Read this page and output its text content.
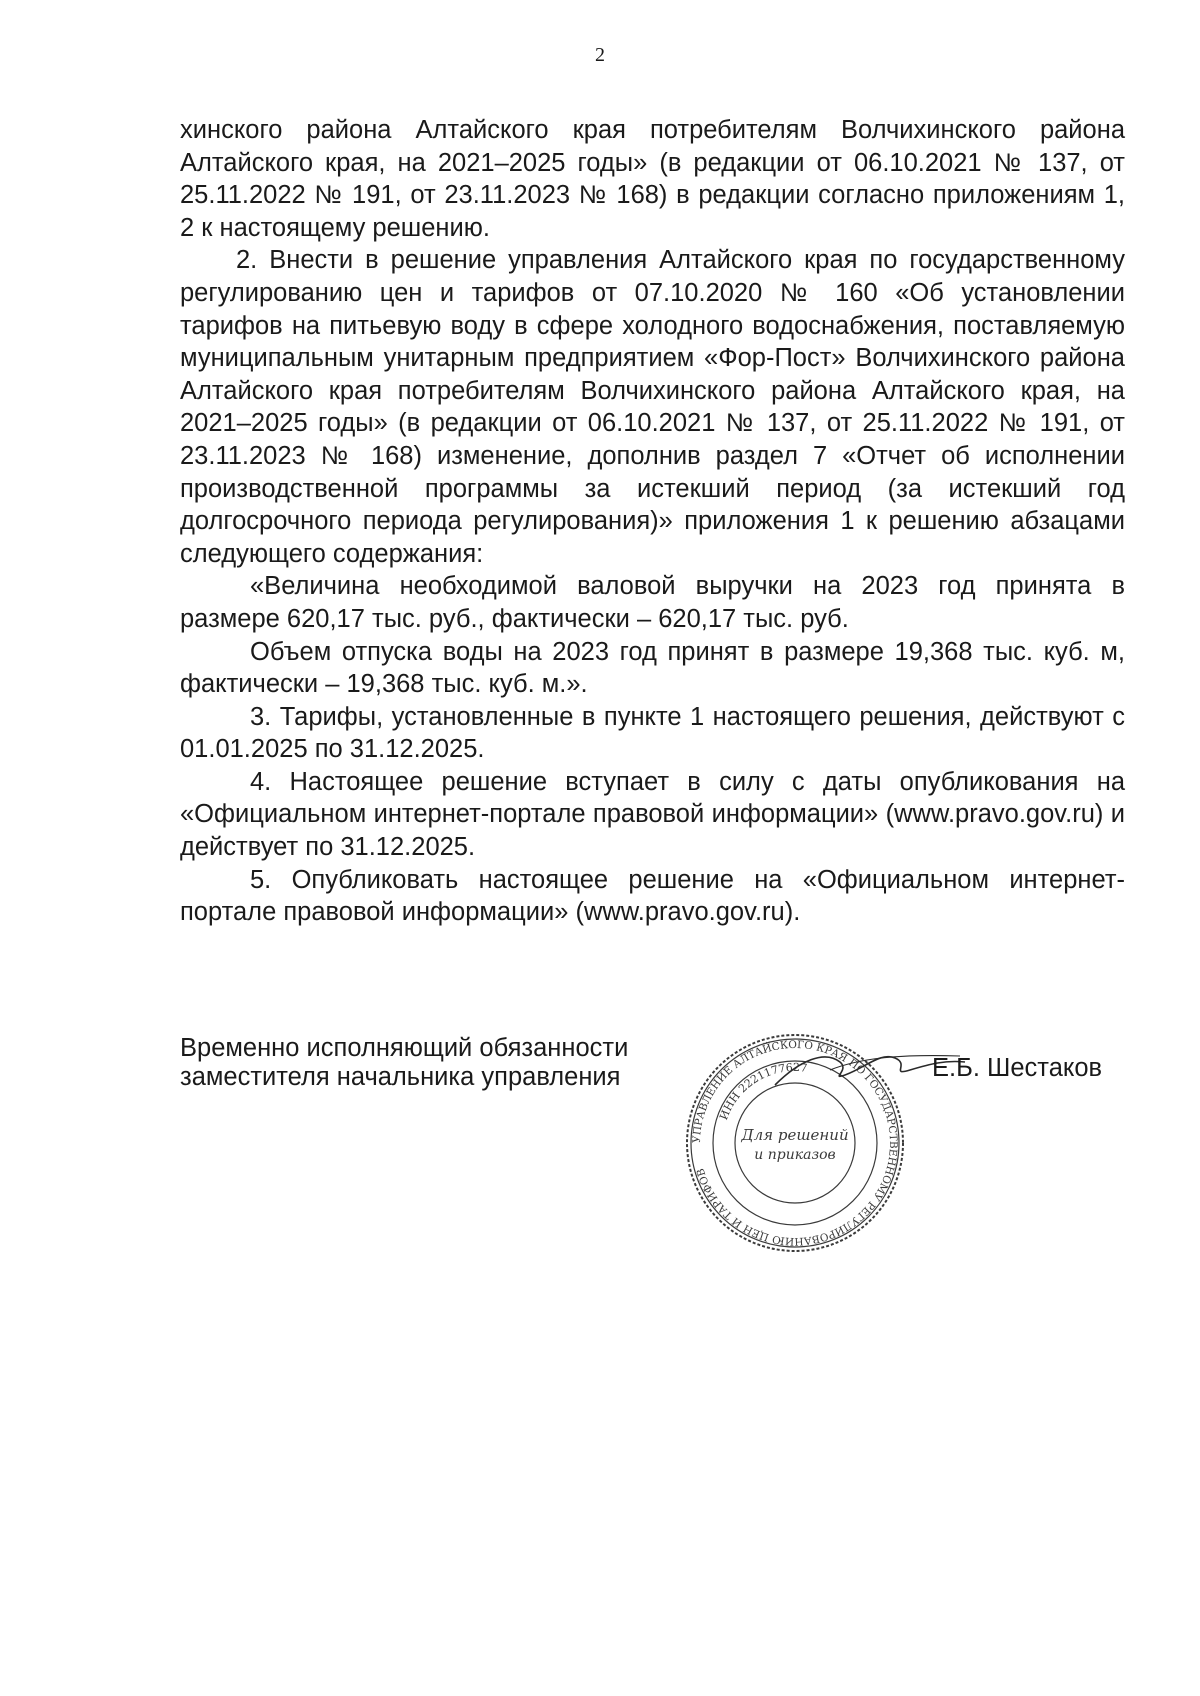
2

хинского района Алтайского края потребителям Волчихинского района Алтайского края, на 2021–2025 годы» (в редакции от 06.10.2021 № 137, от 25.11.2022 № 191, от 23.11.2023 № 168) в редакции согласно приложениям 1, 2 к настоящему решению.

2. Внести в решение управления Алтайского края по государственному регулированию цен и тарифов от 07.10.2020 № 160 «Об установлении тарифов на питьевую воду в сфере холодного водоснабжения, поставляемую муниципальным унитарным предприятием «Фор-Пост» Волчихинского района Алтайского края потребителям Волчихинского района Алтайского края, на 2021–2025 годы» (в редакции от 06.10.2021 № 137, от 25.11.2022 № 191, от 23.11.2023 № 168) изменение, дополнив раздел 7 «Отчет об исполнении производственной программы за истекший период (за истекший год долгосрочного периода регулирования)» приложения 1 к решению абзацами следующего содержания:

«Величина необходимой валовой выручки на 2023 год принята в размере 620,17 тыс. руб., фактически – 620,17 тыс. руб.

Объем отпуска воды на 2023 год принят в размере 19,368 тыс. куб. м, фактически – 19,368 тыс. куб. м.».

3. Тарифы, установленные в пункте 1 настоящего решения, действуют с 01.01.2025 по 31.12.2025.

4. Настоящее решение вступает в силу с даты опубликования на «Официальном интернет-портале правовой информации» (www.pravo.gov.ru) и действует по 31.12.2025.

5. Опубликовать настоящее решение на «Официальном интернет-портале правовой информации» (www.pravo.gov.ru).

Временно исполняющий обязанности
заместителя начальника управления
УПРАВЛЕНИЕ АЛТАЙСКОГО КРАЯ ПО ГОСУДАРСТВЕННОМУ РЕГУЛИРОВАНИЮ ЦЕН И ТАРИФОВ
ИНН 2221177627
Для решений
и приказов
Е.Б. Шестаков
